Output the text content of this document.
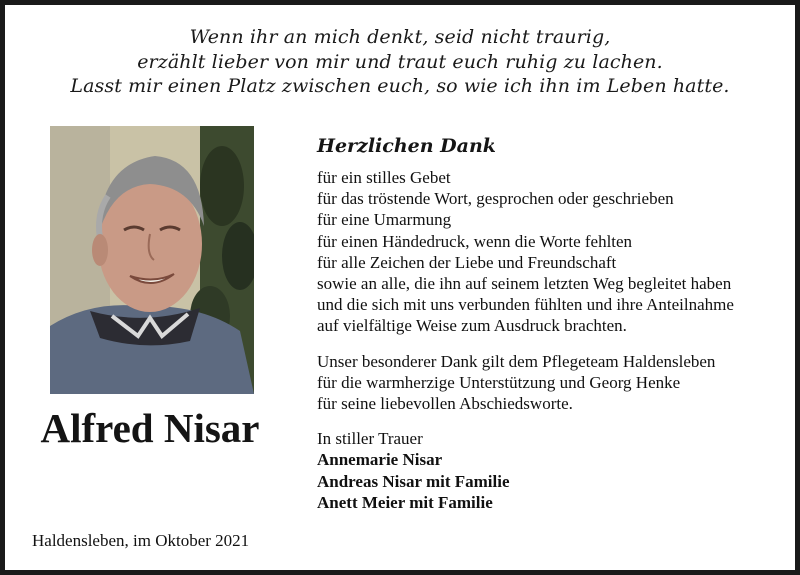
Wenn ihr an mich denkt, seid nicht traurig,
erzählt lieber von mir und traut euch ruhig zu lachen.
Lasst mir einen Platz zwischen euch, so wie ich ihn im Leben hatte.
Alfred Nisar
Haldensleben, im Oktober 2021
Herzlichen Dank
für ein stilles Gebet
für das tröstende Wort, gesprochen oder geschrieben
für eine Umarmung
für einen Händedruck, wenn die Worte fehlten
für alle Zeichen der Liebe und Freundschaft
sowie an alle, die ihn auf seinem letzten Weg begleitet haben
und die sich mit uns verbunden fühlten und ihre Anteilnahme
auf vielfältige Weise zum Ausdruck brachten.
Unser besonderer Dank gilt dem Pflegeteam Haldensleben
für die warmherzige Unterstützung und Georg Henke
für seine liebevollen Abschiedsworte.
In stiller Trauer
Annemarie Nisar
Andreas Nisar mit Familie
Anett Meier mit Familie
